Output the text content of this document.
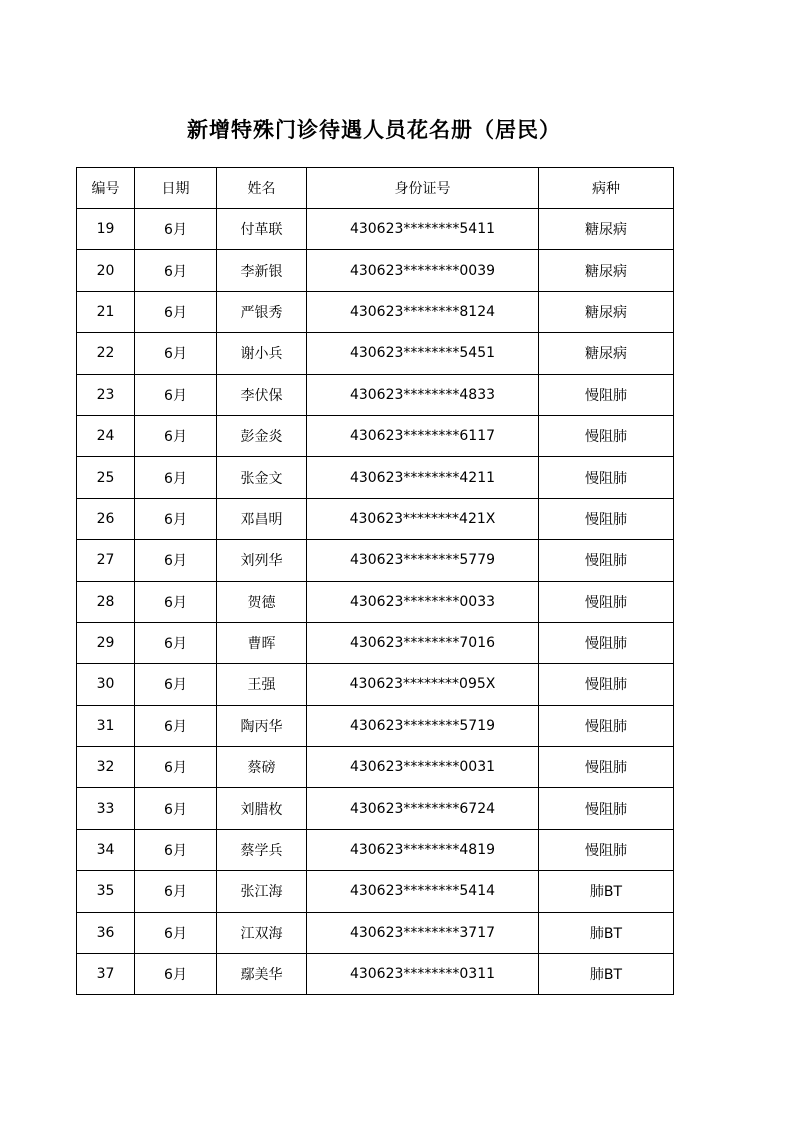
新增特殊门诊待遇人员花名册（居民）
编号	日期	姓名	身份证号	病种
19	6月	付革联	430623********5411	糖尿病
20	6月	李新银	430623********0039	糖尿病
21	6月	严银秀	430623********8124	糖尿病
22	6月	谢小兵	430623********5451	糖尿病
23	6月	李伏保	430623********4833	慢阻肺
24	6月	彭金炎	430623********6117	慢阻肺
25	6月	张金文	430623********4211	慢阻肺
26	6月	邓昌明	430623********421X	慢阻肺
27	6月	刘列华	430623********5779	慢阻肺
28	6月	贺德	430623********0033	慢阻肺
29	6月	曹晖	430623********7016	慢阻肺
30	6月	王强	430623********095X	慢阻肺
31	6月	陶丙华	430623********5719	慢阻肺
32	6月	蔡磅	430623********0031	慢阻肺
33	6月	刘腊枚	430623********6724	慢阻肺
34	6月	蔡学兵	430623********4819	慢阻肺
35	6月	张江海	430623********5414	肺BT
36	6月	江双海	430623********3717	肺BT
37	6月	鄢美华	430623********0311	肺BT
